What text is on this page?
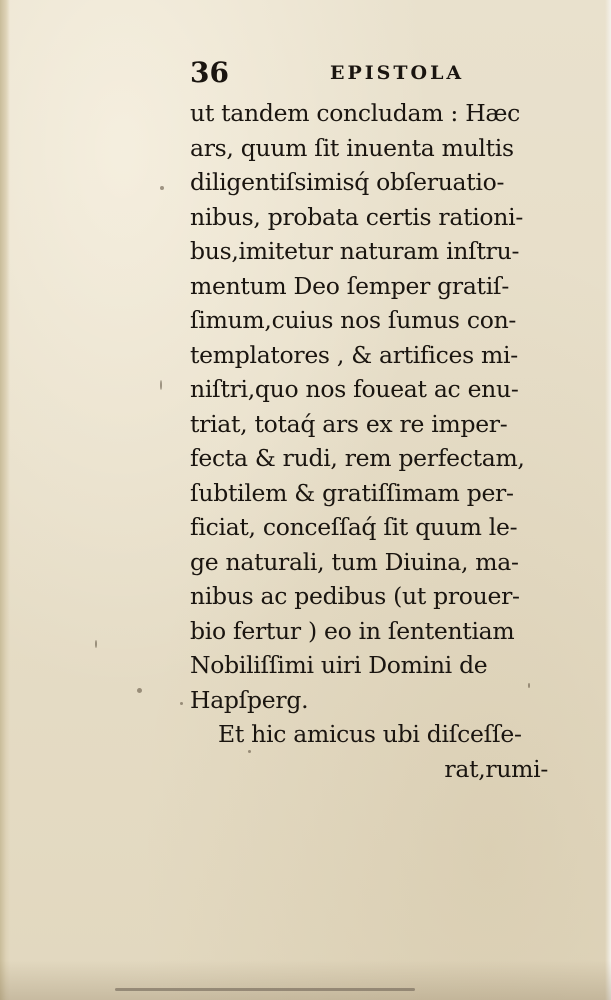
36	EPISTOLA
ut tandem concludam : Hæc
ars, quum ſit inuenta multis
diligentiſsimisq́ obſeruatio-
nibus, probata certis rationi-
bus,imitetur naturam inſtru-
mentum Deo ſemper gratiſ-
ſimum,cuius nos ſumus con-
templatores , & artifices mi-
niſtri,quo nos foueat ac enu-
triat, totaq́ ars ex re imper-
fecta & rudi, rem perfectam,
ſubtilem & gratiſſimam per-
ficiat, conceſſaq́ ſit quum le-
ge naturali, tum Diuina, ma-
nibus ac pedibus (ut prouer-
bio fertur ) eo in ſententiam
Nobiliſſimi uiri Domini de
Hapſperg.
Et hic amicus ubi diſceſſe-
rat,rumi-
